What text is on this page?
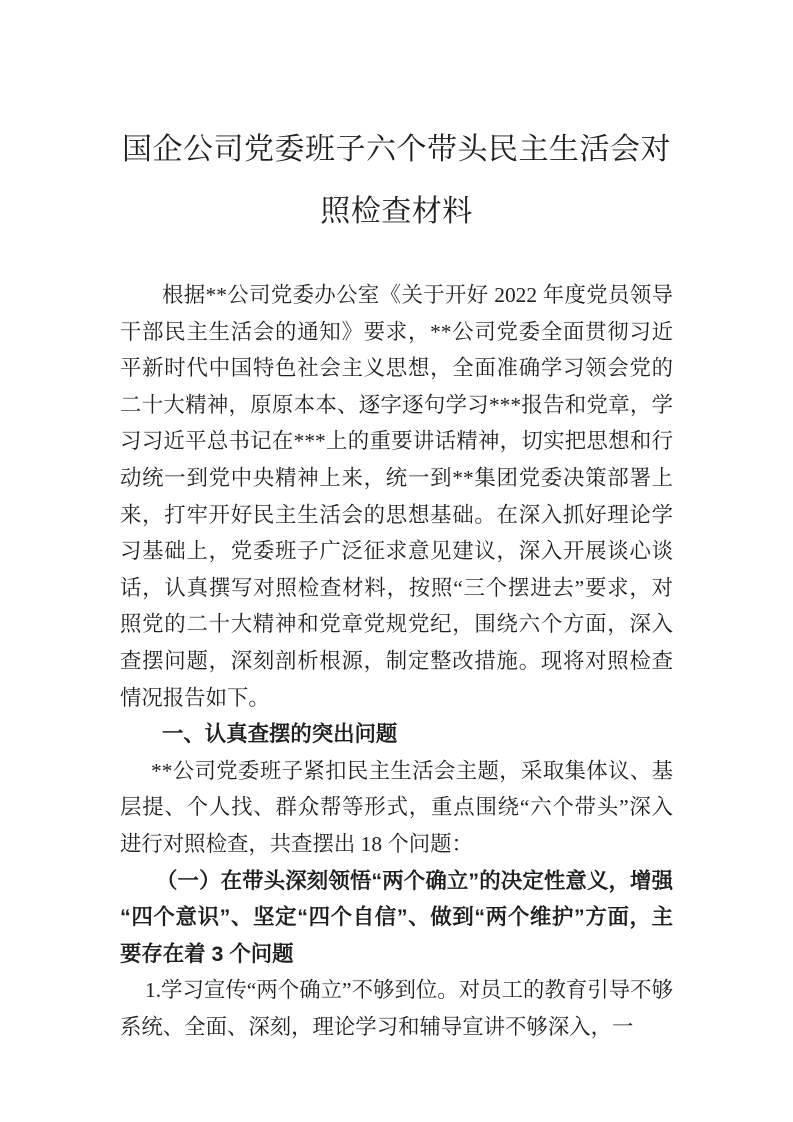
国企公司党委班子六个带头民主生活会对照检查材料

根据**公司党委办公室《关于开好 2022 年度党员领导干部民主生活会的通知》要求，**公司党委全面贯彻习近平新时代中国特色社会主义思想，全面准确学习领会党的二十大精神，原原本本、逐字逐句学习***报告和党章，学习习近平总书记在***上的重要讲话精神，切实把思想和行动统一到党中央精神上来，统一到**集团党委决策部署上来，打牢开好民主生活会的思想基础。在深入抓好理论学习基础上，党委班子广泛征求意见建议，深入开展谈心谈话，认真撰写对照检查材料，按照“三个摆进去”要求，对照党的二十大精神和党章党规党纪，围绕六个方面，深入查摆问题，深刻剖析根源，制定整改措施。现将对照检查情况报告如下。

一、认真查摆的突出问题

**公司党委班子紧扣民主生活会主题，采取集体议、基层提、个人找、群众帮等形式，重点围绕“六个带头”深入进行对照检查，共查摆出 18 个问题：

（一）在带头深刻领悟“两个确立”的决定性意义，增强“四个意识”、坚定“四个自信”、做到“两个维护”方面，主要存在着 3 个问题

1.学习宣传“两个确立”不够到位。对员工的教育引导不够系统、全面、深刻，理论学习和辅导宣讲不够深入，一
